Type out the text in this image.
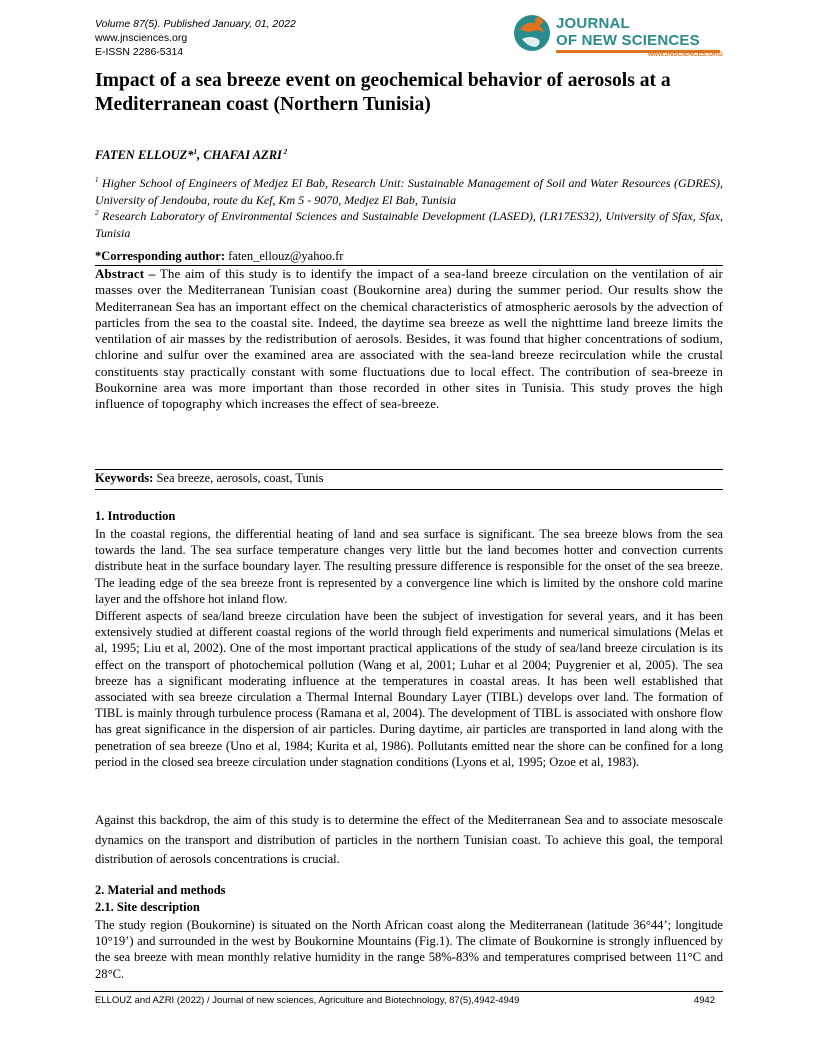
Volume 87(5). Published January, 01, 2022
www.jnsciences.org
E-ISSN 2286-5314
JOURNAL
OF NEW SCIENCES
www.JNSCIENCES.ORG
Impact of a sea breeze event on geochemical behavior of aerosols at a Mediterranean coast (Northern Tunisia)
FATEN ELLOUZ*$^1$, CHAFAI AZRI $^2$
$^1$ Higher School of Engineers of Medjez El Bab, Research Unit: Sustainable Management of Soil and Water Resources (GDRES), University of Jendouba, route du Kef, Km 5 - 9070, Medjez El Bab, Tunisia
$^2$ Research Laboratory of Environmental Sciences and Sustainable Development (LASED), (LR17ES32), University of Sfax, Sfax, Tunisia
*Corresponding author: faten_ellouz@yahoo.fr
Abstract – The aim of this study is to identify the impact of a sea-land breeze circulation on the ventilation of air masses over the Mediterranean Tunisian coast (Boukornine area) during the summer period. Our results show the Mediterranean Sea has an important effect on the chemical characteristics of atmospheric aerosols by the advection of particles from the sea to the coastal site. Indeed, the daytime sea breeze as well the nighttime land breeze limits the ventilation of air masses by the redistribution of aerosols. Besides, it was found that higher concentrations of sodium, chlorine and sulfur over the examined area are associated with the sea-land breeze recirculation while the crustal constituents stay practically constant with some fluctuations due to local effect. The contribution of sea-breeze in Boukornine area was more important than those recorded in other sites in Tunisia. This study proves the high influence of topography which increases the effect of sea-breeze.
Keywords: Sea breeze, aerosols, coast, Tunis
1. Introduction
In the coastal regions, the differential heating of land and sea surface is significant. The sea breeze blows from the sea towards the land. The sea surface temperature changes very little but the land becomes hotter and convection currents distribute heat in the surface boundary layer. The resulting pressure difference is responsible for the onset of the sea breeze. The leading edge of the sea breeze front is represented by a convergence line which is limited by the onshore cold marine layer and the offshore hot inland flow.
Different aspects of sea/land breeze circulation have been the subject of investigation for several years, and it has been extensively studied at different coastal regions of the world through field experiments and numerical simulations (Melas et al, 1995; Liu et al, 2002). One of the most important practical applications of the study of sea/land breeze circulation is its effect on the transport of photochemical pollution (Wang et al, 2001; Luhar et al 2004; Puygrenier et al, 2005). The sea breeze has a significant moderating influence at the temperatures in coastal areas. It has been well established that associated with sea breeze circulation a Thermal Internal Boundary Layer (TIBL) develops over land. The formation of TIBL is mainly through turbulence process (Ramana et al, 2004). The development of TIBL is associated with onshore flow has great significance in the dispersion of air particles. During daytime, air particles are transported in land along with the penetration of sea breeze (Uno et al, 1984; Kurita et al, 1986). Pollutants emitted near the shore can be confined for a long period in the closed sea breeze circulation under stagnation conditions (Lyons et al, 1995; Ozoe et al, 1983).
Against this backdrop, the aim of this study is to determine the effect of the Mediterranean Sea and to associate mesoscale dynamics on the transport and distribution of particles in the northern Tunisian coast. To achieve this goal, the temporal distribution of aerosols concentrations is crucial.
2. Material and methods
2.1. Site description
The study region (Boukornine) is situated on the North African coast along the Mediterranean (latitude 36°44’; longitude 10°19’) and surrounded in the west by Boukornine Mountains (Fig.1). The climate of Boukornine is strongly influenced by the sea breeze with mean monthly relative humidity in the range 58%-83% and temperatures comprised between 11°C and 28°C.
ELLOUZ and AZRI (2022) / Journal of new sciences, Agriculture and Biotechnology, 87(5),4942-4949	4942
